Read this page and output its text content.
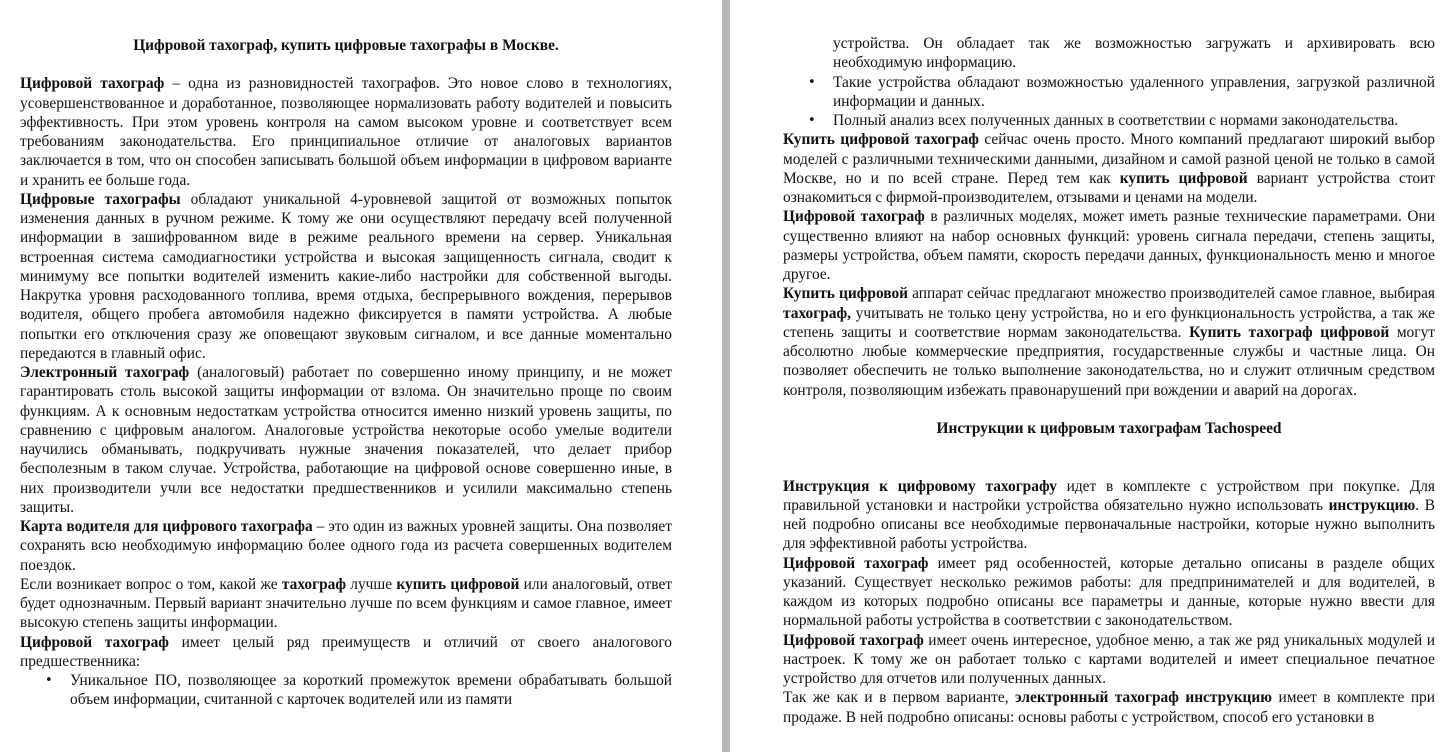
Цифровой тахограф, купить цифровые тахографы в Москве.

Цифровой тахограф – одна из разновидностей тахографов. Это новое слово в технологиях, усовершенствованное и доработанное, позволяющее нормализовать работу водителей и повысить эффективность. При этом уровень контроля на самом высоком уровне и соответствует всем требованиям законодательства. Его принципиальное отличие от аналоговых вариантов заключается в том, что он способен записывать большой объем информации в цифровом варианте и хранить ее больше года.

Цифровые тахографы обладают уникальной 4-уровневой защитой от возможных попыток изменения данных в ручном режиме. К тому же они осуществляют передачу всей полученной информации в зашифрованном виде в режиме реального времени на сервер. Уникальная встроенная система самодиагностики устройства и высокая защищенность сигнала, сводит к минимуму все попытки водителей изменить какие-либо настройки для собственной выгоды. Накрутка уровня расходованного топлива, время отдыха, беспрерывного вождения, перерывов водителя, общего пробега автомобиля надежно фиксируется в памяти устройства. А любые попытки его отключения сразу же оповещают звуковым сигналом, и все данные моментально передаются в главный офис.

Электронный тахограф (аналоговый) работает по совершенно иному принципу, и не может гарантировать столь высокой защиты информации от взлома. Он значительно проще по своим функциям. А к основным недостаткам устройства относится именно низкий уровень защиты, по сравнению с цифровым аналогом. Аналоговые устройства некоторые особо умелые водители научились обманывать, подкручивать нужные значения показателей, что делает прибор бесполезным в таком случае. Устройства, работающие на цифровой основе совершенно иные, в них производители учли все недостатки предшественников и усилили максимально степень защиты.

Карта водителя для цифрового тахографа – это один из важных уровней защиты. Она позволяет сохранять всю необходимую информацию более одного года из расчета совершенных водителем поездок.

Если возникает вопрос о том, какой же тахограф лучше купить цифровой или аналоговый, ответ будет однозначным. Первый вариант значительно лучше по всем функциям и самое главное, имеет высокую степень защиты информации.

Цифровой тахограф имеет целый ряд преимуществ и отличий от своего аналогового предшественника:

• Уникальное ПО, позволяющее за короткий промежуток времени обрабатывать большой объем информации, считанной с карточек водителей или из памяти
устройства. Он обладает так же возможностью загружать и архивировать всю необходимую информацию.
• Такие устройства обладают возможностью удаленного управления, загрузкой различной информации и данных.
• Полный анализ всех полученных данных в соответствии с нормами законодательства.

Купить цифровой тахограф сейчас очень просто. Много компаний предлагают широкий выбор моделей с различными техническими данными, дизайном и самой разной ценой не только в самой Москве, но и по всей стране. Перед тем как купить цифровой вариант устройства стоит ознакомиться с фирмой-производителем, отзывами и ценами на модели.

Цифровой тахограф в различных моделях, может иметь разные технические параметрами. Они существенно влияют на набор основных функций: уровень сигнала передачи, степень защиты, размеры устройства, объем памяти, скорость передачи данных, функциональность меню и многое другое.

Купить цифровой аппарат сейчас предлагают множество производителей самое главное, выбирая тахограф, учитывать не только цену устройства, но и его функциональность устройства, а так же степень защиты и соответствие нормам законодательства. Купить тахограф цифровой могут абсолютно любые коммерческие предприятия, государственные службы и частные лица. Он позволяет обеспечить не только выполнение законодательства, но и служит отличным средством контроля, позволяющим избежать правонарушений при вождении и аварий на дорогах.

Инструкции к цифровым тахографам Tachospeed

Инструкция к цифровому тахографу идет в комплекте с устройством при покупке. Для правильной установки и настройки устройства обязательно нужно использовать инструкцию. В ней подробно описаны все необходимые первоначальные настройки, которые нужно выполнить для эффективной работы устройства.

Цифровой тахограф имеет ряд особенностей, которые детально описаны в разделе общих указаний. Существует несколько режимов работы: для предпринимателей и для водителей, в каждом из которых подробно описаны все параметры и данные, которые нужно ввести для нормальной работы устройства в соответствии с законодательством.

Цифровой тахограф имеет очень интересное, удобное меню, а так же ряд уникальных модулей и настроек. К тому же он работает только с картами водителей и имеет специальное печатное устройство для отчетов или полученных данных.

Так же как и в первом варианте, электронный тахограф инструкцию имеет в комплекте при продаже. В ней подробно описаны: основы работы с устройством, способ его установки в
